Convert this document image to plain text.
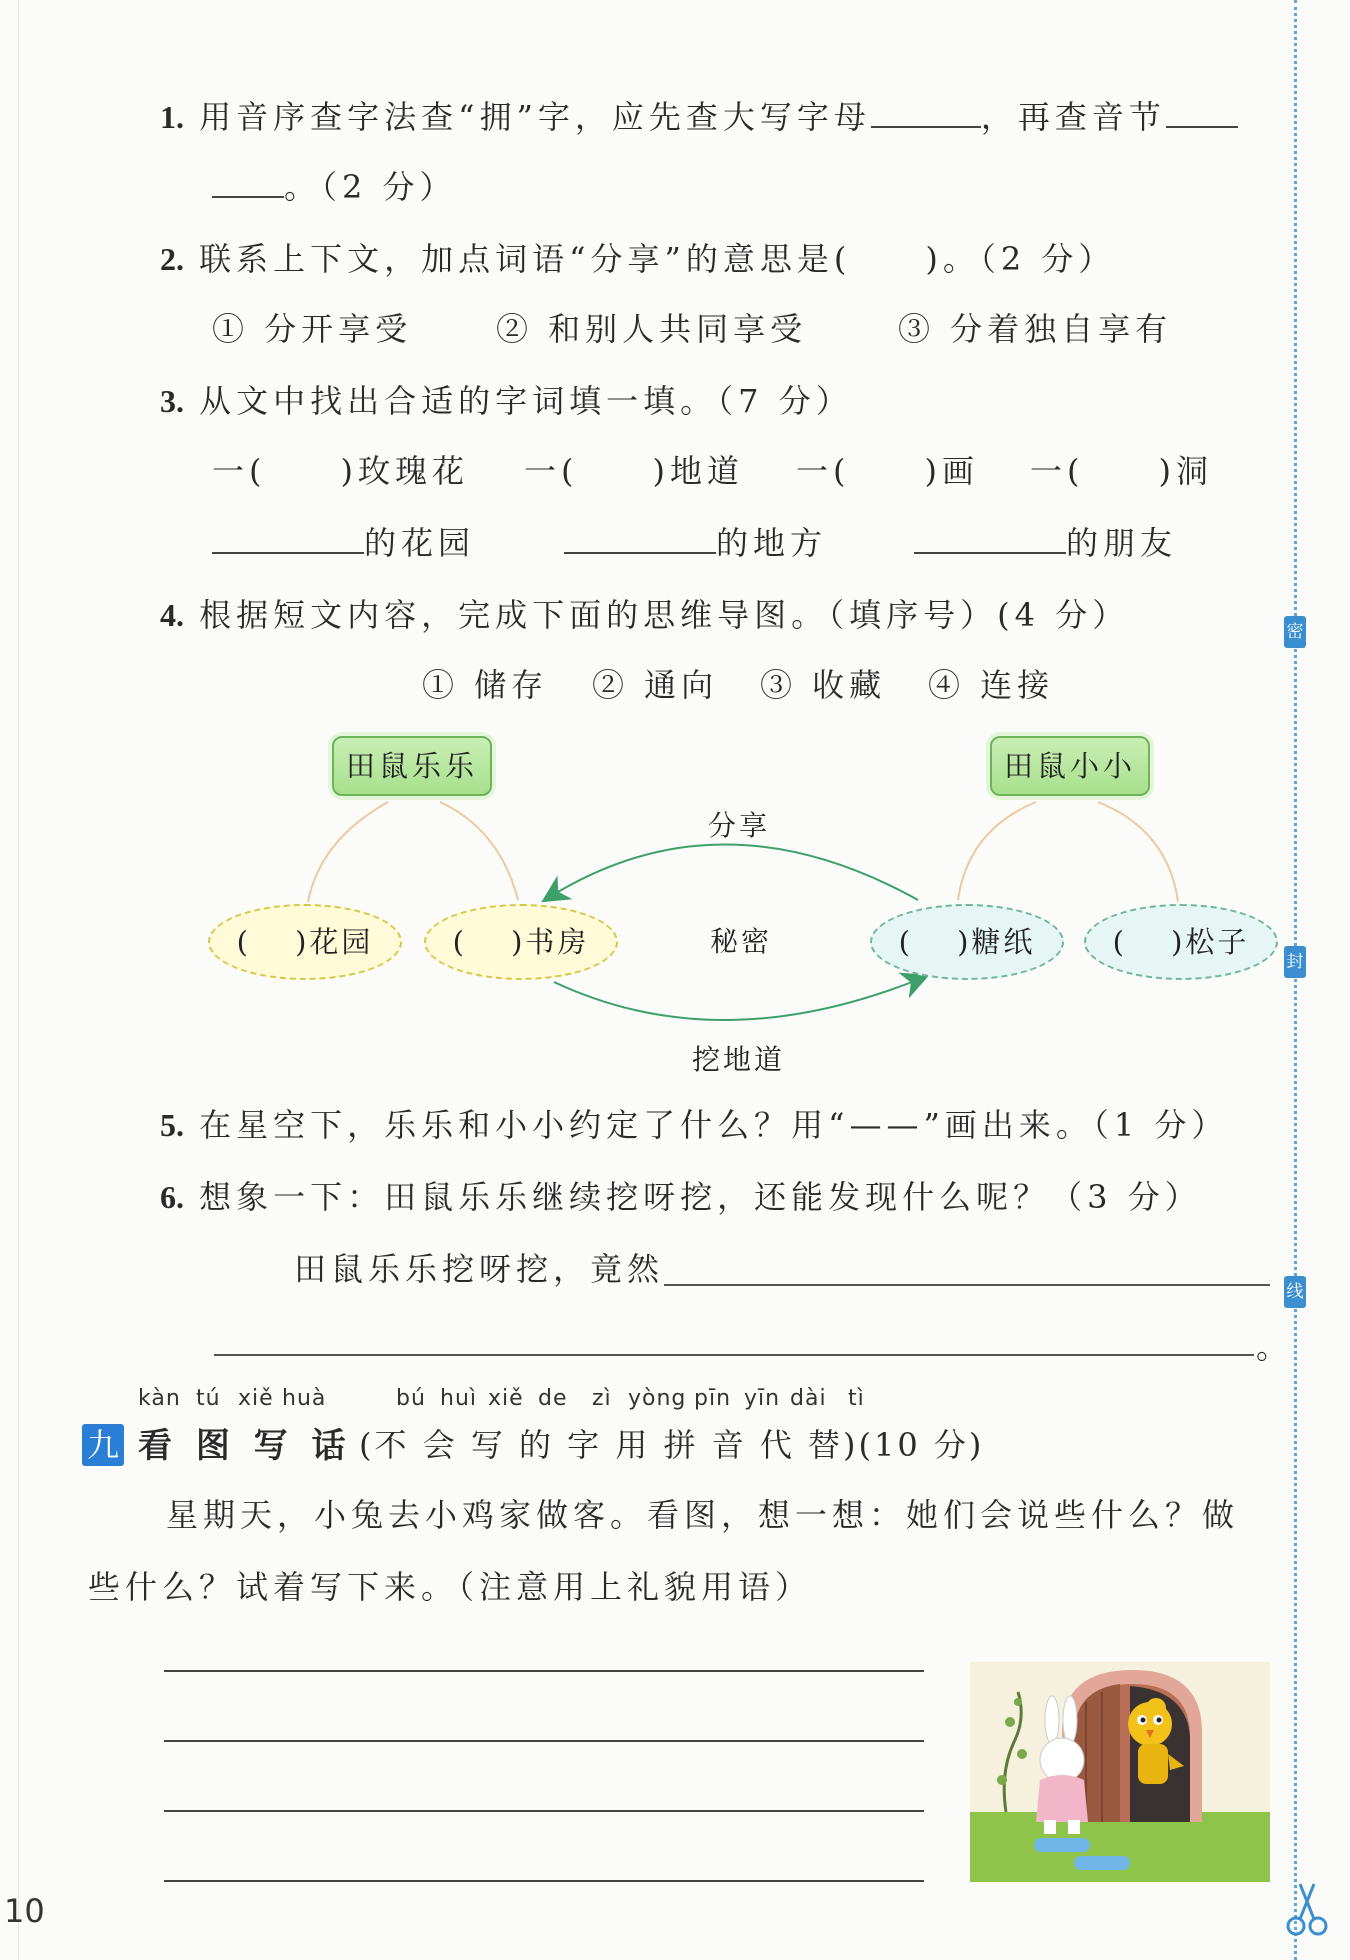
密
封
线
1. 用音序查字法查“拥”字，应先查大写字母	，再查音节
。（2 分）
2. 联系上下文，加点词语“分享”的意思是(　　)。（2 分）
① 分开享受	② 和别人共同享受	③ 分着独自享有
3. 从文中找出合适的字词填一填。（7 分）
一(　　)玫瑰花 一(　　)地道 一(　　)画 一(　　)洞
的花园	的地方	的朋友
4. 根据短文内容，完成下面的思维导图。（填序号）(4 分）
① 储存 ② 通向 ③ 收藏 ④ 连接
田鼠乐乐	田鼠小小
(　 )花园	(　 )书房	(　 )糖纸	(　 )松子
分享
秘密
挖地道
5. 在星空下，乐乐和小小约定了什么？用“——”画出来。（1 分）
6. 想象一下：田鼠乐乐继续挖呀挖，还能发现什么呢？（3 分）
田鼠乐乐挖呀挖，竟然
。
kàn tú xiě huà	bú huì xiě de zì yòng pīn yīn dài tì
九 看 图 写 话
。(不 会 写 的 字 用 拼 音 代 替)(10 分)
星期天，小兔去小鸡家做客。看图，想一想：她们会说些什么？做
些什么？试着写下来。（注意用上礼貌用语）
10
